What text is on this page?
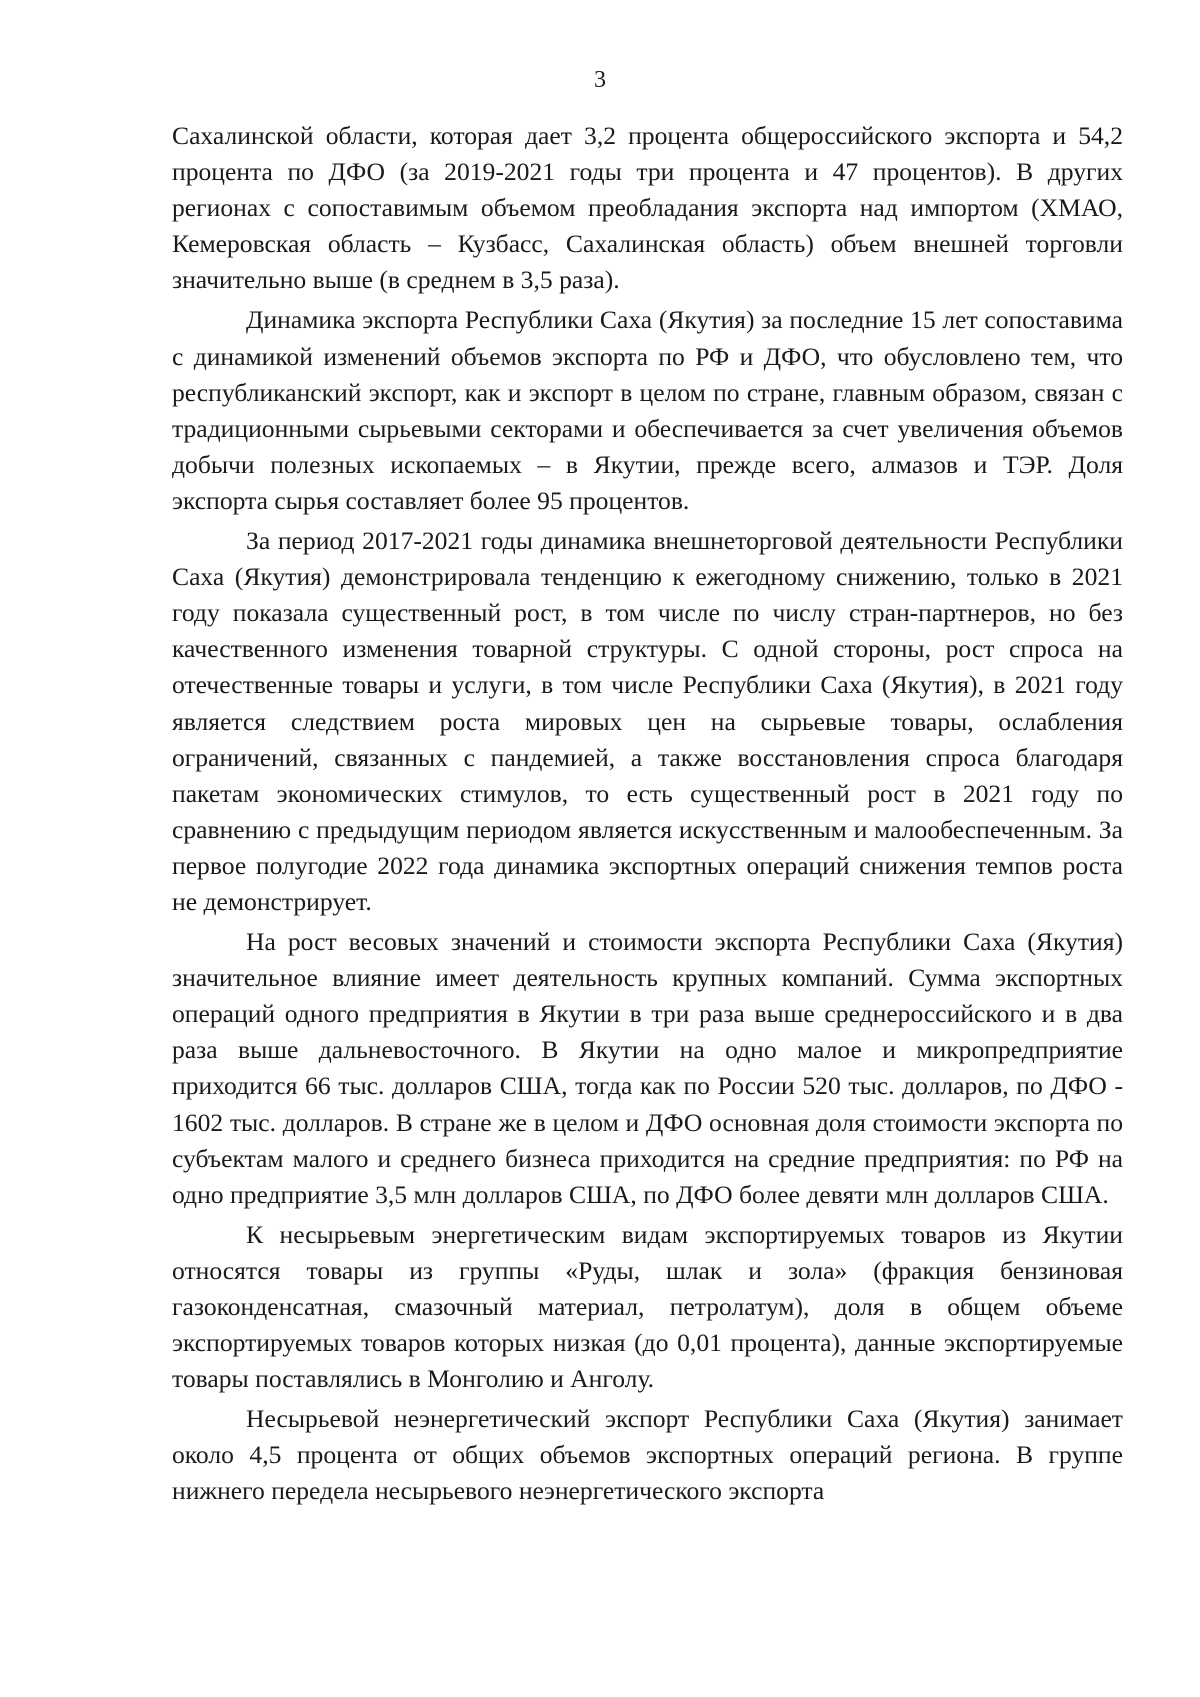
3

Сахалинской области, которая дает 3,2 процента общероссийского экспорта и 54,2 процента по ДФО (за 2019-2021 годы три процента и 47 процентов). В других регионах с сопоставимым объемом преобладания экспорта над импортом (ХМАО, Кемеровская область – Кузбасс, Сахалинская область) объем внешней торговли значительно выше (в среднем в 3,5 раза).

Динамика экспорта Республики Саха (Якутия) за последние 15 лет сопоставима с динамикой изменений объемов экспорта по РФ и ДФО, что обусловлено тем, что республиканский экспорт, как и экспорт в целом по стране, главным образом, связан с традиционными сырьевыми секторами и обеспечивается за счет увеличения объемов добычи полезных ископаемых – в Якутии, прежде всего, алмазов и ТЭР. Доля экспорта сырья составляет более 95 процентов.

За период 2017-2021 годы динамика внешнеторговой деятельности Республики Саха (Якутия) демонстрировала тенденцию к ежегодному снижению, только в 2021 году показала существенный рост, в том числе по числу стран-партнеров, но без качественного изменения товарной структуры. С одной стороны, рост спроса на отечественные товары и услуги, в том числе Республики Саха (Якутия), в 2021 году является следствием роста мировых цен на сырьевые товары, ослабления ограничений, связанных с пандемией, а также восстановления спроса благодаря пакетам экономических стимулов, то есть существенный рост в 2021 году по сравнению с предыдущим периодом является искусственным и малообеспеченным. За первое полугодие 2022 года динамика экспортных операций снижения темпов роста не демонстрирует.

На рост весовых значений и стоимости экспорта Республики Саха (Якутия) значительное влияние имеет деятельность крупных компаний. Сумма экспортных операций одного предприятия в Якутии в три раза выше среднероссийского и в два раза выше дальневосточного. В Якутии на одно малое и микропредприятие приходится 66 тыс. долларов США, тогда как по России 520 тыс. долларов, по ДФО - 1602 тыс. долларов. В стране же в целом и ДФО основная доля стоимости экспорта по субъектам малого и среднего бизнеса приходится на средние предприятия: по РФ на одно предприятие 3,5 млн долларов США, по ДФО более девяти млн долларов США.

К несырьевым энергетическим видам экспортируемых товаров из Якутии относятся товары из группы «Руды, шлак и зола» (фракция бензиновая газоконденсатная, смазочный материал, петролатум), доля в общем объеме экспортируемых товаров которых низкая (до 0,01 процента), данные экспортируемые товары поставлялись в Монголию и Анголу.

Несырьевой неэнергетический экспорт Республики Саха (Якутия) занимает около 4,5 процента от общих объемов экспортных операций региона. В группе нижнего передела несырьевого неэнергетического экспорта
